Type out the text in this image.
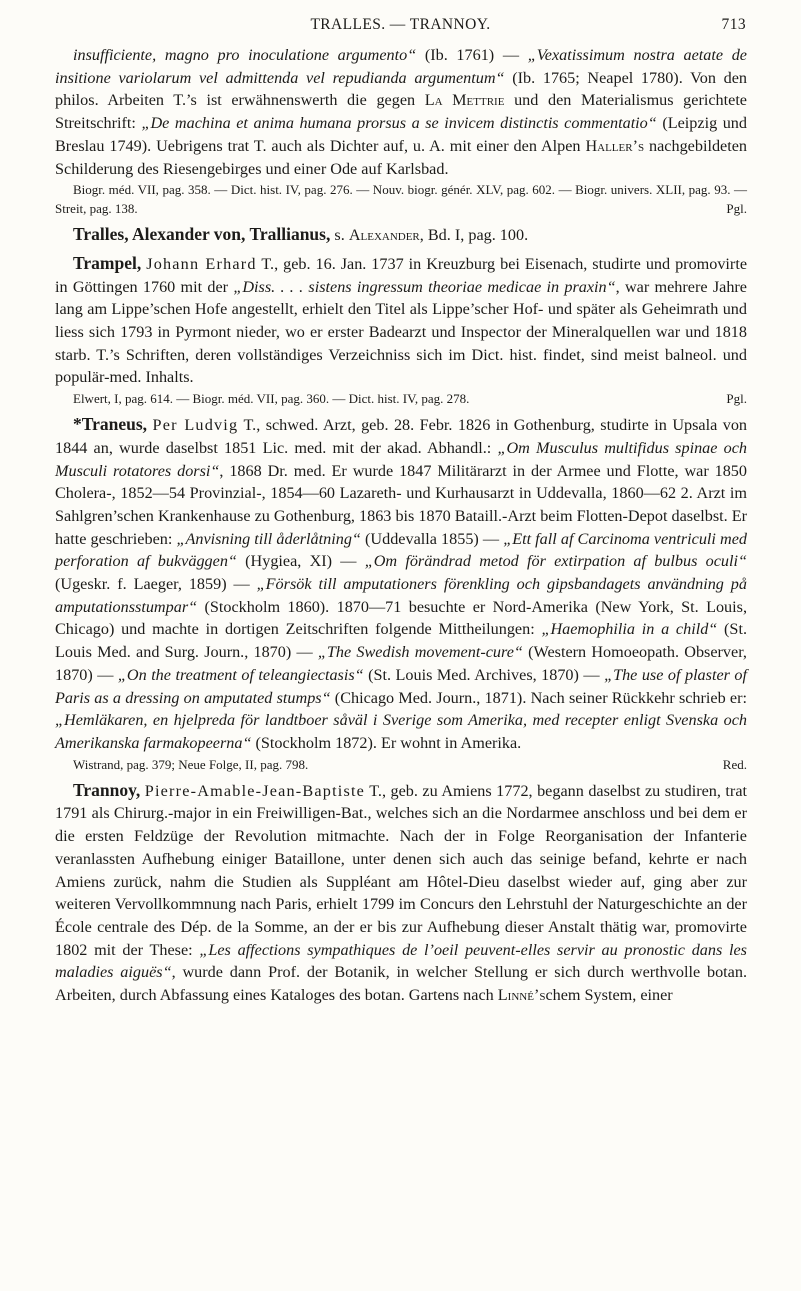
TRALLES. — TRANNOY.	713

insufficiente, magno pro inoculatione argumento“ (Ib. 1761) — „Vexatissimum nostra aetate de insitione variolarum vel admittenda vel repudianda argumentum“ (Ib. 1765; Neapel 1780). Von den philos. Arbeiten T.’s ist erwähnenswerth die gegen La Mettrie und den Materialismus gerichtete Streitschrift: „De machina et anima humana prorsus a se invicem distinctis commentatio“ (Leipzig und Breslau 1749). Uebrigens trat T. auch als Dichter auf, u. A. mit einer den Alpen Haller’s nachgebildeten Schilderung des Riesengebirges und einer Ode auf Karlsbad.

Biogr. méd. VII, pag. 358. — Dict. hist. IV, pag. 276. — Nouv. biogr. génér. XLV, pag. 602. — Biogr. univers. XLII, pag. 93. — Streit, pag. 138.	Pgl.

Tralles, Alexander von, Trallianus, s. Alexander, Bd. I, pag. 100.

Trampel, Johann Erhard T., geb. 16. Jan. 1737 in Kreuzburg bei Eisenach, studirte und promovirte in Göttingen 1760 mit der „Diss. . . . sistens ingressum theoriae medicae in praxin“, war mehrere Jahre lang am Lippe’schen Hofe angestellt, erhielt den Titel als Lippe’scher Hof- und später als Geheimrath und liess sich 1793 in Pyrmont nieder, wo er erster Badearzt und Inspector der Mineralquellen war und 1818 starb. T.’s Schriften, deren vollständiges Verzeichniss sich im Dict. hist. findet, sind meist balneol. und populär-med. Inhalts.

Elwert, I, pag. 614. — Biogr. méd. VII, pag. 360. — Dict. hist. IV, pag. 278.	Pgl.

*Traneus, Per Ludvig T., schwed. Arzt, geb. 28. Febr. 1826 in Gothenburg, studirte in Upsala von 1844 an, wurde daselbst 1851 Lic. med. mit der akad. Abhandl.: „Om Musculus multifidus spinae och Musculi rotatores dorsi“, 1868 Dr. med. Er wurde 1847 Militärarzt in der Armee und Flotte, war 1850 Cholera-, 1852—54 Provinzial-, 1854—60 Lazareth- und Kurhausarzt in Uddevalla, 1860—62 2. Arzt im Sahlgren’schen Krankenhause zu Gothenburg, 1863 bis 1870 Bataill.-Arzt beim Flotten-Depot daselbst. Er hatte geschrieben: „Anvisning till åderlåtning“ (Uddevalla 1855) — „Ett fall af Carcinoma ventriculi med perforation af bukväggen“ (Hygiea, XI) — „Om förändrad metod för extirpation af bulbus oculi“ (Ugeskr. f. Laeger, 1859) — „Försök till amputationers förenkling och gipsbandagets användning på amputationsstumpar“ (Stockholm 1860). 1870—71 besuchte er Nord-Amerika (New York, St. Louis, Chicago) und machte in dortigen Zeitschriften folgende Mittheilungen: „Haemophilia in a child“ (St. Louis Med. and Surg. Journ., 1870) — „The Swedish movement-cure“ (Western Homoeopath. Observer, 1870) — „On the treatment of teleangiectasis“ (St. Louis Med. Archives, 1870) — „The use of plaster of Paris as a dressing on amputated stumps“ (Chicago Med. Journ., 1871). Nach seiner Rückkehr schrieb er: „Hemläkaren, en hjelpreda för landtboer såväl i Sverige som Amerika, med recepter enligt Svenska och Amerikanska farmakopeerna“ (Stockholm 1872). Er wohnt in Amerika.

Wistrand, pag. 379; Neue Folge, II, pag. 798.	Red.

Trannoy, Pierre-Amable-Jean-Baptiste T., geb. zu Amiens 1772, begann daselbst zu studiren, trat 1791 als Chirurg.-major in ein Freiwilligen-Bat., welches sich an die Nordarmee anschloss und bei dem er die ersten Feldzüge der Revolution mitmachte. Nach der in Folge Reorganisation der Infanterie veranlassten Aufhebung einiger Bataillone, unter denen sich auch das seinige befand, kehrte er nach Amiens zurück, nahm die Studien als Suppléant am Hôtel-Dieu daselbst wieder auf, ging aber zur weiteren Vervollkommnung nach Paris, erhielt 1799 im Concurs den Lehrstuhl der Naturgeschichte an der École centrale des Dép. de la Somme, an der er bis zur Aufhebung dieser Anstalt thätig war, promovirte 1802 mit der These: „Les affections sympathiques de l’oeil peuvent-elles servir au pronostic dans les maladies aiguës“, wurde dann Prof. der Botanik, in welcher Stellung er sich durch werthvolle botan. Arbeiten, durch Abfassung eines Kataloges des botan. Gartens nach Linné’schem System, einer
